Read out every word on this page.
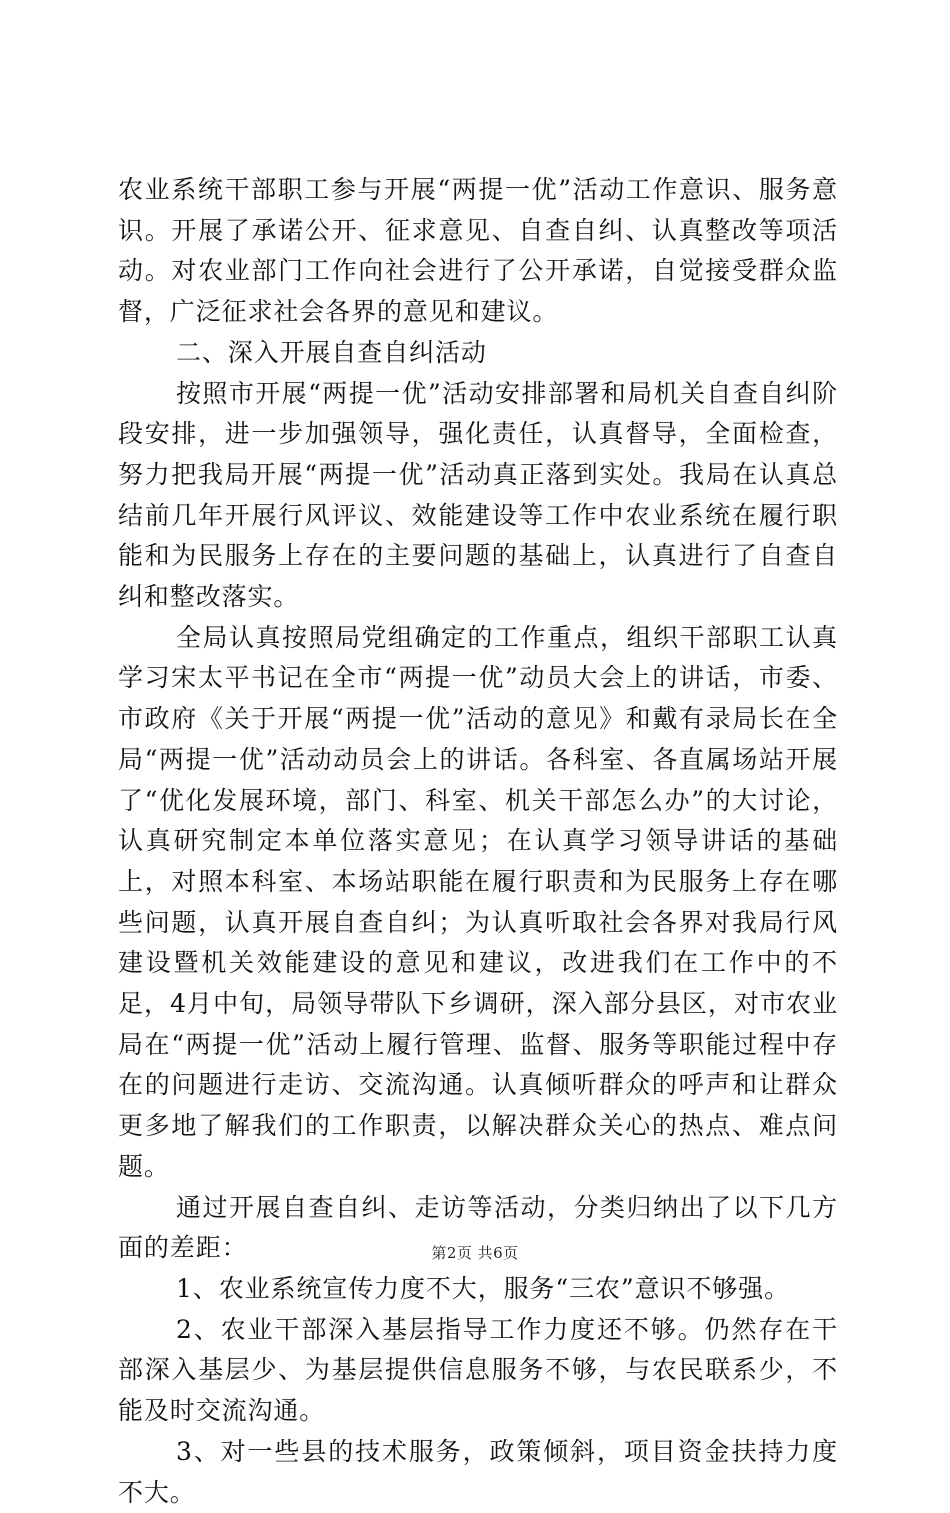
农业系统干部职工参与开展“两提一优”活动工作意识、服务意识。开展了承诺公开、征求意见、自查自纠、认真整改等项活动。对农业部门工作向社会进行了公开承诺，自觉接受群众监督，广泛征求社会各界的意见和建议。

二、深入开展自查自纠活动

按照市开展“两提一优”活动安排部署和局机关自查自纠阶段安排，进一步加强领导，强化责任，认真督导，全面检查，努力把我局开展“两提一优”活动真正落到实处。我局在认真总结前几年开展行风评议、效能建设等工作中农业系统在履行职能和为民服务上存在的主要问题的基础上，认真进行了自查自纠和整改落实。

全局认真按照局党组确定的工作重点，组织干部职工认真学习宋太平书记在全市“两提一优”动员大会上的讲话，市委、市政府《关于开展“两提一优”活动的意见》和戴有录局长在全局“两提一优”活动动员会上的讲话。各科室、各直属场站开展了“优化发展环境，部门、科室、机关干部怎么办”的大讨论，认真研究制定本单位落实意见；在认真学习领导讲话的基础上，对照本科室、本场站职能在履行职责和为民服务上存在哪些问题，认真开展自查自纠；为认真听取社会各界对我局行风建设暨机关效能建设的意见和建议，改进我们在工作中的不足，4月中旬，局领导带队下乡调研，深入部分县区，对市农业局在“两提一优”活动上履行管理、监督、服务等职能过程中存在的问题进行走访、交流沟通。认真倾听群众的呼声和让群众更多地了解我们的工作职责，以解决群众关心的热点、难点问题。

通过开展自查自纠、走访等活动，分类归纳出了以下几方面的差距：

1、农业系统宣传力度不大，服务“三农”意识不够强。

2、农业干部深入基层指导工作力度还不够。仍然存在干部深入基层少、为基层提供信息服务不够，与农民联系少，不能及时交流沟通。

3、对一些县的技术服务，政策倾斜，项目资金扶持力度不大。

第2页 共6页
